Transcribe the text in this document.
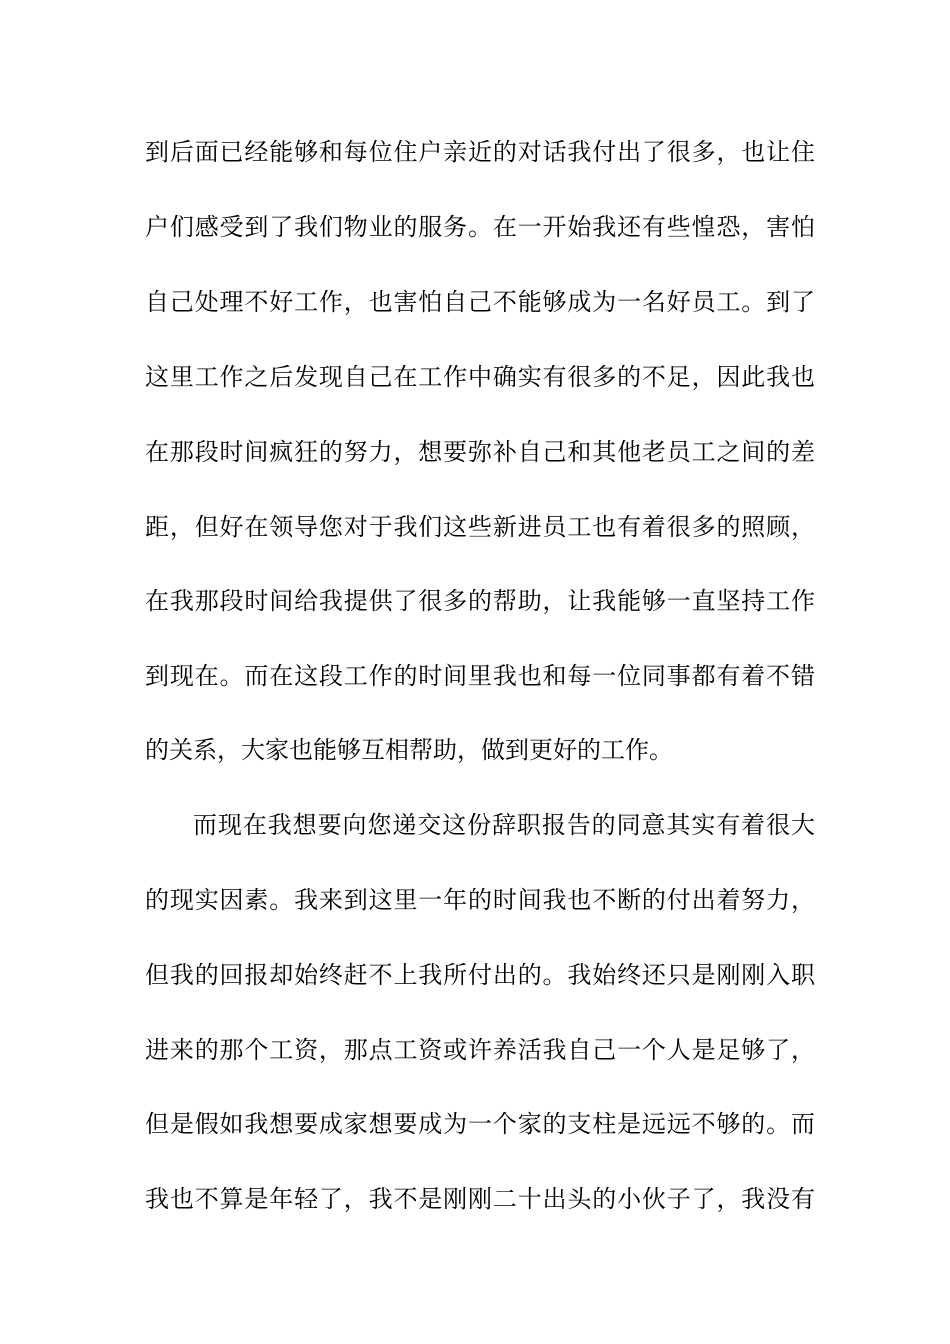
到后面已经能够和每位住户亲近的对话我付出了很多，也让住

户们感受到了我们物业的服务。在一开始我还有些惶恐，害怕

自己处理不好工作，也害怕自己不能够成为一名好员工。到了

这里工作之后发现自己在工作中确实有很多的不足，因此我也

在那段时间疯狂的努力，想要弥补自己和其他老员工之间的差

距，但好在领导您对于我们这些新进员工也有着很多的照顾，

在我那段时间给我提供了很多的帮助，让我能够一直坚持工作

到现在。而在这段工作的时间里我也和每一位同事都有着不错

的关系，大家也能够互相帮助，做到更好的工作。

而现在我想要向您递交这份辞职报告的同意其实有着很大

的现实因素。我来到这里一年的时间我也不断的付出着努力，

但我的回报却始终赶不上我所付出的。我始终还只是刚刚入职

进来的那个工资，那点工资或许养活我自己一个人是足够了，

但是假如我想要成家想要成为一个家的支柱是远远不够的。而

我也不算是年轻了，我不是刚刚二十出头的小伙子了，我没有
